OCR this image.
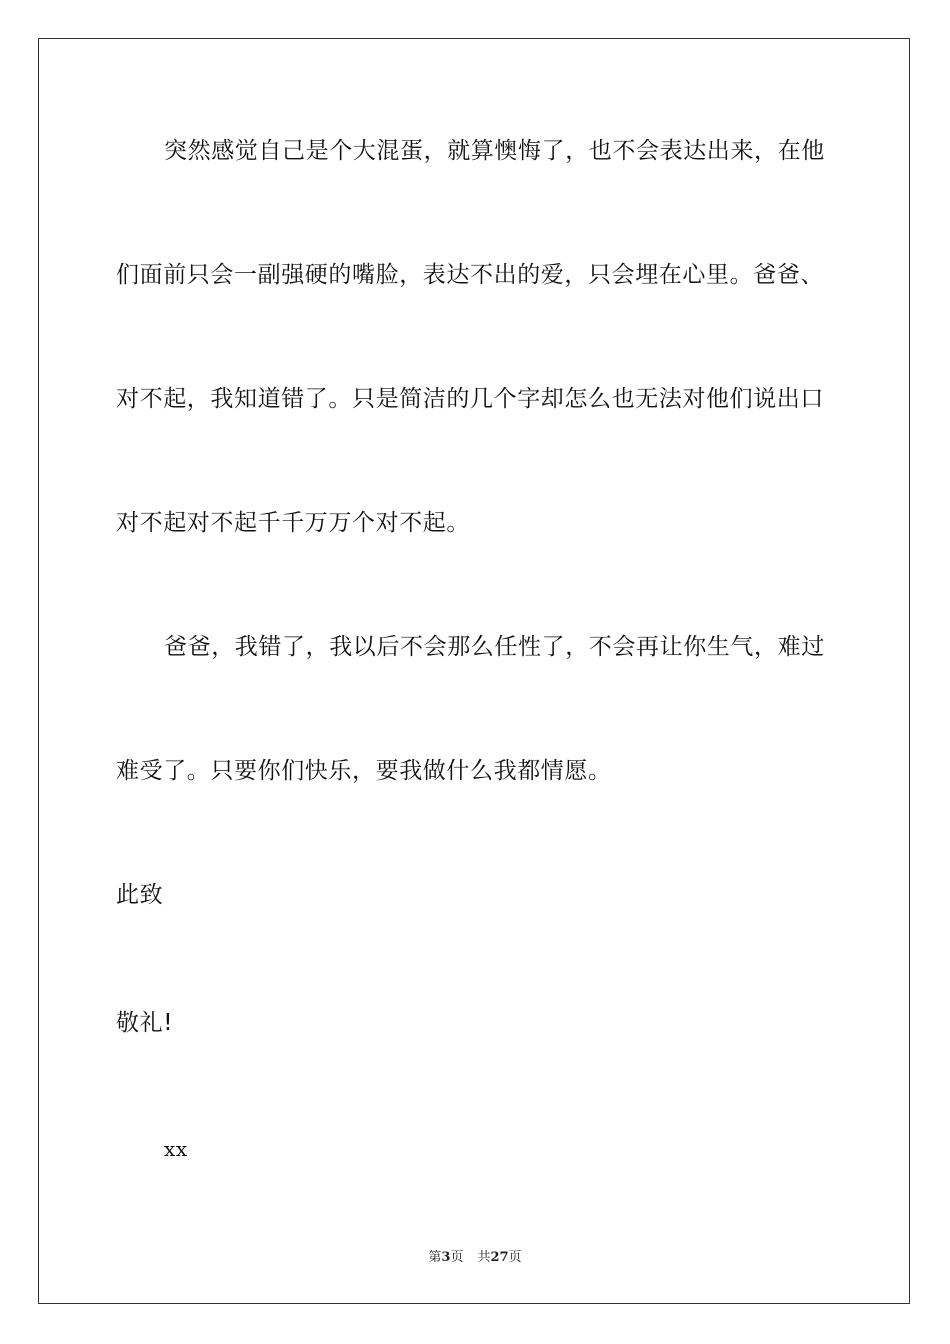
突然感觉自己是个大混蛋，就算懊悔了，也不会表达出来，在他
们面前只会一副强硬的嘴脸，表达不出的爱，只会埋在心里。爸爸、
对不起，我知道错了。只是简洁的几个字却怎么也无法对他们说出口
对不起对不起千千万万个对不起。
爸爸，我错了，我以后不会那么任性了，不会再让你生气，难过
难受了。只要你们快乐，要我做什么我都情愿。
此致
敬礼!
xx
第3页 共27页
